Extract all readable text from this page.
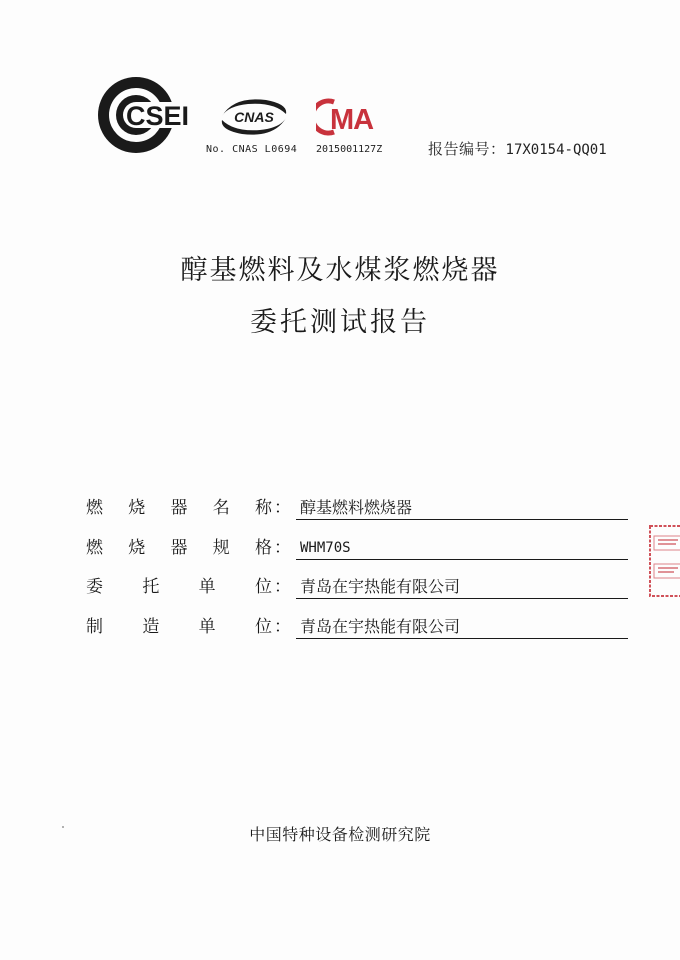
CSEI	CNAS
No. CNAS L0694
MA
2015001127Z	报告编号：17X0154-QQ01
醇基燃料及水煤浆燃烧器
委托测试报告
燃 烧 器 名 称 ： 醇基燃料燃烧器
燃 烧 器 规 格 ： WHM70S
委 托 单 位 ： 青岛在宇热能有限公司
制 造 单 位 ： 青岛在宇热能有限公司
中国特种设备检测研究院
